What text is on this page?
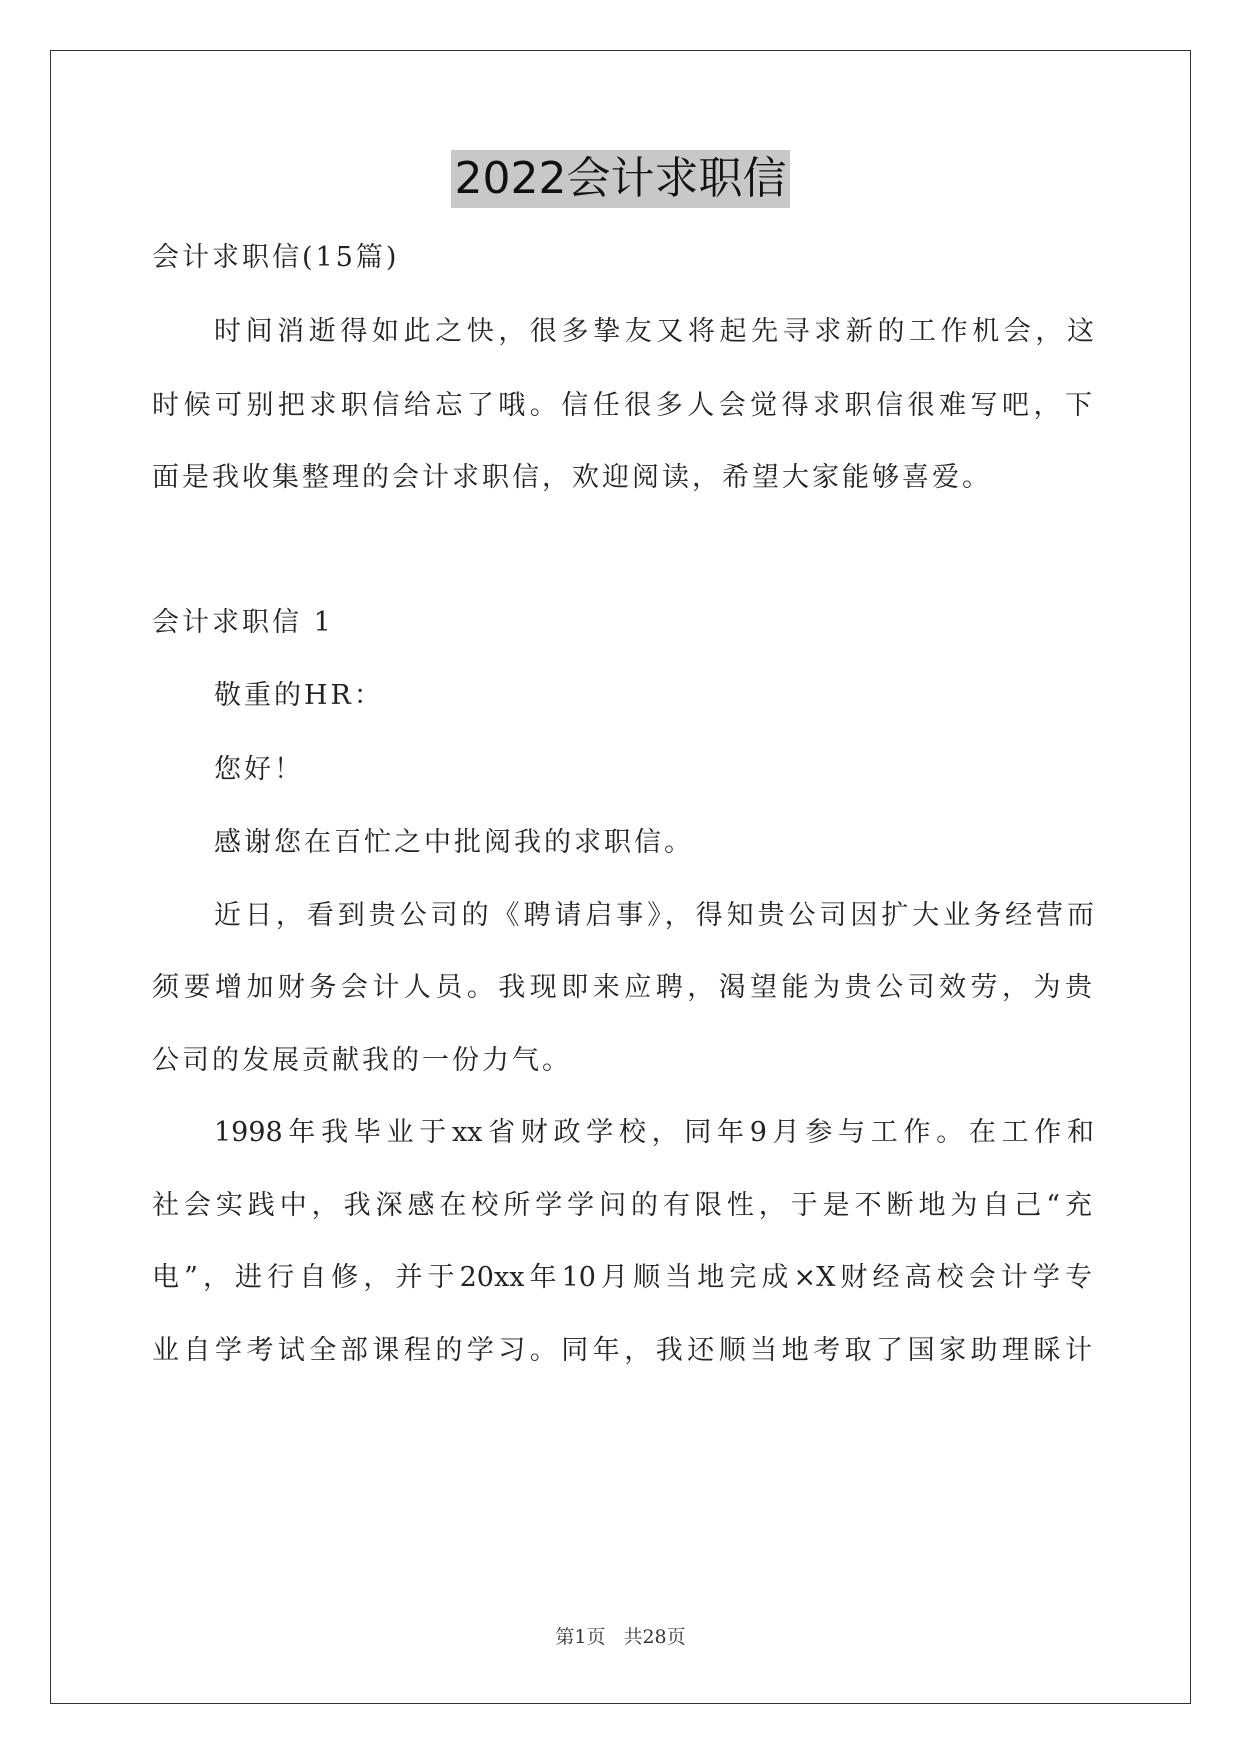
2022会计求职信
会计求职信(15篇)
时间消逝得如此之快，很多挚友又将起先寻求新的工作机会，这
时候可别把求职信给忘了哦。信任很多人会觉得求职信很难写吧，下
面是我收集整理的会计求职信，欢迎阅读，希望大家能够喜爱。
会计求职信 1
敬重的HR：
您好！
感谢您在百忙之中批阅我的求职信。
近日，看到贵公司的《聘请启事》，得知贵公司因扩大业务经营而
须要增加财务会计人员。我现即来应聘，渴望能为贵公司效劳，为贵
公司的发展贡献我的一份力气。
1998年我毕业于xx省财政学校，同年9月参与工作。在工作和
社会实践中，我深感在校所学学问的有限性，于是不断地为自己“充
电”，进行自修，并于20xx年10月顺当地完成×X财经高校会计学专
业自学考试全部课程的学习。同年，我还顺当地考取了国家助理睬计
第1页 共28页
